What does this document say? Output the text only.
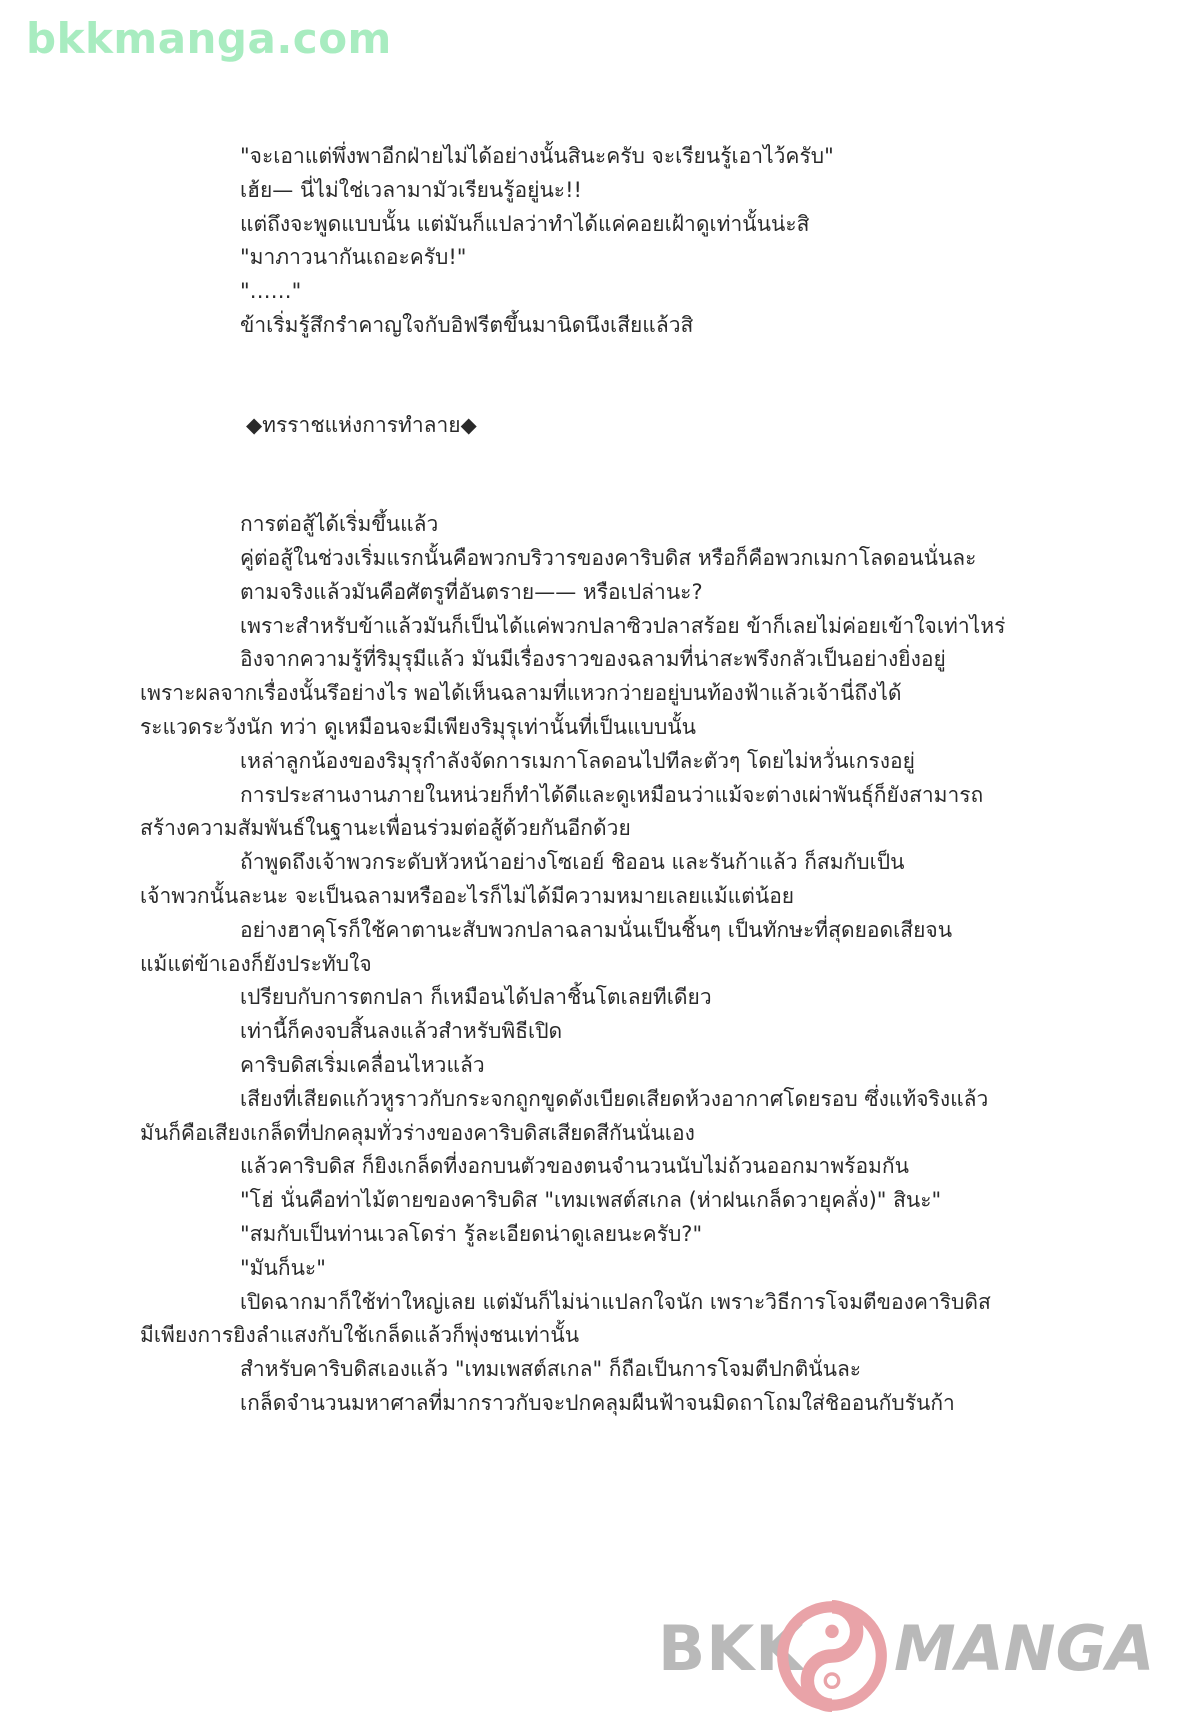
bkkmanga.com

"จะเอาแต่พึ่งพาอีกฝ่ายไม่ได้อย่างนั้นสินะครับ จะเรียนรู้เอาไว้ครับ"

เฮ้ย— นี่ไม่ใช่เวลามามัวเรียนรู้อยู่นะ!!

แต่ถึงจะพูดแบบนั้น แต่มันก็แปลว่าทำได้แค่คอยเฝ้าดูเท่านั้นน่ะสิ

"มาภาวนากันเถอะครับ!"

"……"

ข้าเริ่มรู้สึกรำคาญใจกับอิฟรีตขึ้นมานิดนึงเสียแล้วสิ

◆ทรราชแห่งการทำลาย◆

การต่อสู้ได้เริ่มขึ้นแล้ว

คู่ต่อสู้ในช่วงเริ่มแรกนั้นคือพวกบริวารของคาริบดิส หรือก็คือพวกเมกาโลดอนนั่นละ

ตามจริงแล้วมันคือศัตรูที่อันตราย—— หรือเปล่านะ?

เพราะสำหรับข้าแล้วมันก็เป็นได้แค่พวกปลาซิวปลาสร้อย ข้าก็เลยไม่ค่อยเข้าใจเท่าไหร่

อิงจากความรู้ที่ริมุรุมีแล้ว มันมีเรื่องราวของฉลามที่น่าสะพรึงกลัวเป็นอย่างยิ่งอยู่

เพราะผลจากเรื่องนั้นรึอย่างไร พอได้เห็นฉลามที่แหวกว่ายอยู่บนท้องฟ้าแล้วเจ้านี่ถึงได้

ระแวดระวังนัก ทว่า ดูเหมือนจะมีเพียงริมุรุเท่านั้นที่เป็นแบบนั้น

เหล่าลูกน้องของริมุรุกำลังจัดการเมกาโลดอนไปทีละตัวๆ โดยไม่หวั่นเกรงอยู่

การประสานงานภายในหน่วยก็ทำได้ดีและดูเหมือนว่าแม้จะต่างเผ่าพันธุ์ก็ยังสามารถ

สร้างความสัมพันธ์ในฐานะเพื่อนร่วมต่อสู้ด้วยกันอีกด้วย

ถ้าพูดถึงเจ้าพวกระดับหัวหน้าอย่างโซเอย์ ชิออน และรันก้าแล้ว ก็สมกับเป็น

เจ้าพวกนั้นละนะ จะเป็นฉลามหรืออะไรก็ไม่ได้มีความหมายเลยแม้แต่น้อย

อย่างฮาคุโรก็ใช้คาตานะสับพวกปลาฉลามนั่นเป็นชิ้นๆ เป็นทักษะที่สุดยอดเสียจน

แม้แต่ข้าเองก็ยังประทับใจ

เปรียบกับการตกปลา ก็เหมือนได้ปลาชิ้นโตเลยทีเดียว

เท่านี้ก็คงจบสิ้นลงแล้วสำหรับพิธีเปิด

คาริบดิสเริ่มเคลื่อนไหวแล้ว

เสียงที่เสียดแก้วหูราวกับกระจกถูกขูดดังเบียดเสียดห้วงอากาศโดยรอบ ซึ่งแท้จริงแล้ว

มันก็คือเสียงเกล็ดที่ปกคลุมทั่วร่างของคาริบดิสเสียดสีกันนั่นเอง

แล้วคาริบดิส ก็ยิงเกล็ดที่งอกบนตัวของตนจำนวนนับไม่ถ้วนออกมาพร้อมกัน

"โฮ่ นั่นคือท่าไม้ตายของคาริบดิส "เทมเพสต์สเกล (ห่าฝนเกล็ดวายุคลั่ง)" สินะ"

"สมกับเป็นท่านเวลโดร่า รู้ละเอียดน่าดูเลยนะครับ?"

"มันก็นะ"

เปิดฉากมาก็ใช้ท่าใหญ่เลย แต่มันก็ไม่น่าแปลกใจนัก เพราะวิธีการโจมตีของคาริบดิส

มีเพียงการยิงลำแสงกับใช้เกล็ดแล้วก็พุ่งชนเท่านั้น

สำหรับคาริบดิสเองแล้ว "เทมเพสต์สเกล" ก็ถือเป็นการโจมตีปกตินั่นละ

เกล็ดจำนวนมหาศาลที่มากราวกับจะปกคลุมผืนฟ้าจนมิดถาโถมใส่ชิออนกับรันก้า

BKK MANGA
